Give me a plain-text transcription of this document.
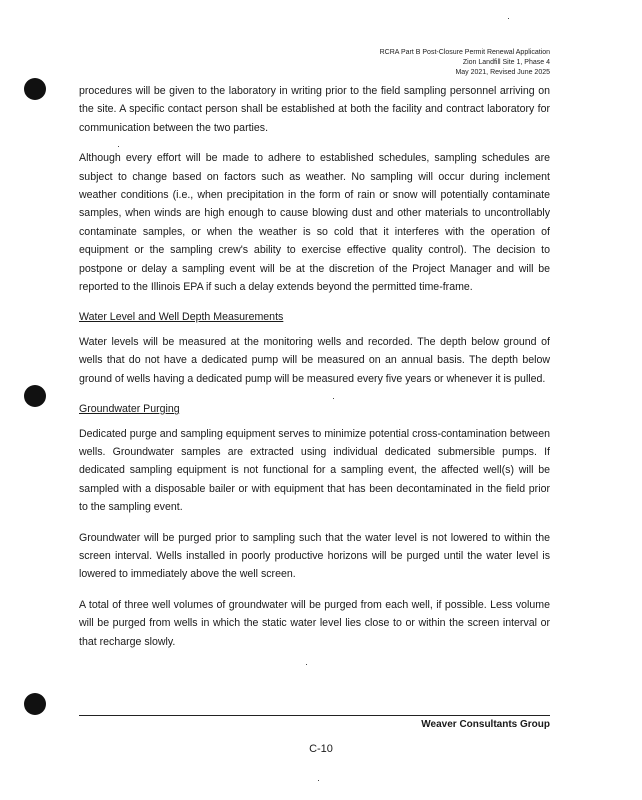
RCRA Part B Post-Closure Permit Renewal Application
Zion Landfill Site 1, Phase 4
May 2021, Revised June 2025

procedures will be given to the laboratory in writing prior to the field sampling personnel arriving on the site. A specific contact person shall be established at both the facility and contract laboratory for communication between the two parties.

Although every effort will be made to adhere to established schedules, sampling schedules are subject to change based on factors such as weather. No sampling will occur during inclement weather conditions (i.e., when precipitation in the form of rain or snow will potentially contaminate samples, when winds are high enough to cause blowing dust and other materials to uncontrollably contaminate samples, or when the weather is so cold that it interferes with the operation of equipment or the sampling crew's ability to exercise effective quality control). The decision to postpone or delay a sampling event will be at the discretion of the Project Manager and will be reported to the Illinois EPA if such a delay extends beyond the permitted time-frame.

Water Level and Well Depth Measurements

Water levels will be measured at the monitoring wells and recorded. The depth below ground of wells that do not have a dedicated pump will be measured on an annual basis. The depth below ground of wells having a dedicated pump will be measured every five years or whenever it is pulled.

Groundwater Purging

Dedicated purge and sampling equipment serves to minimize potential cross-contamination between wells. Groundwater samples are extracted using individual dedicated submersible pumps. If dedicated sampling equipment is not functional for a sampling event, the affected well(s) will be sampled with a disposable bailer or with equipment that has been decontaminated in the field prior to the sampling event.

Groundwater will be purged prior to sampling such that the water level is not lowered to within the screen interval. Wells installed in poorly productive horizons will be purged until the water level is lowered to immediately above the well screen.

A total of three well volumes of groundwater will be purged from each well, if possible. Less volume will be purged from wells in which the static water level lies close to or within the screen interval or that recharge slowly.

Weaver Consultants Group
C-10
